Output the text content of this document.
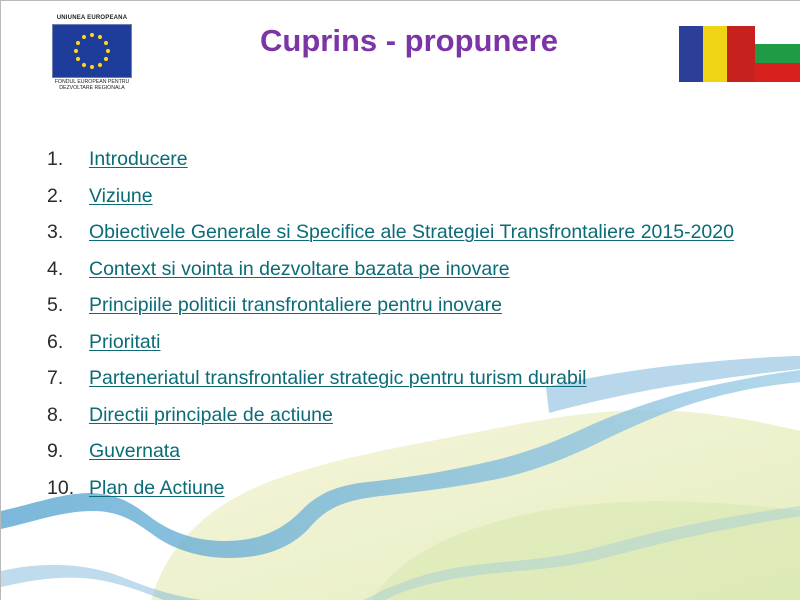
UNIUNEA EUROPEANA
FONDUL EUROPEAN PENTRU
DEZVOLTARE REGIONALA
Cuprins - propunere
1.	Introducere
2.	Viziune
3.	Obiectivele Generale si Specifice ale Strategiei Transfrontaliere 2015-2020
4.	Context si vointa in dezvoltare bazata pe inovare
5.	Principiile politicii transfrontaliere pentru inovare
6.	Prioritati
7.	Parteneriatul transfrontalier strategic pentru turism durabil
8.	Directii principale de actiune
9.	Guvernata
10. Plan de Actiune
